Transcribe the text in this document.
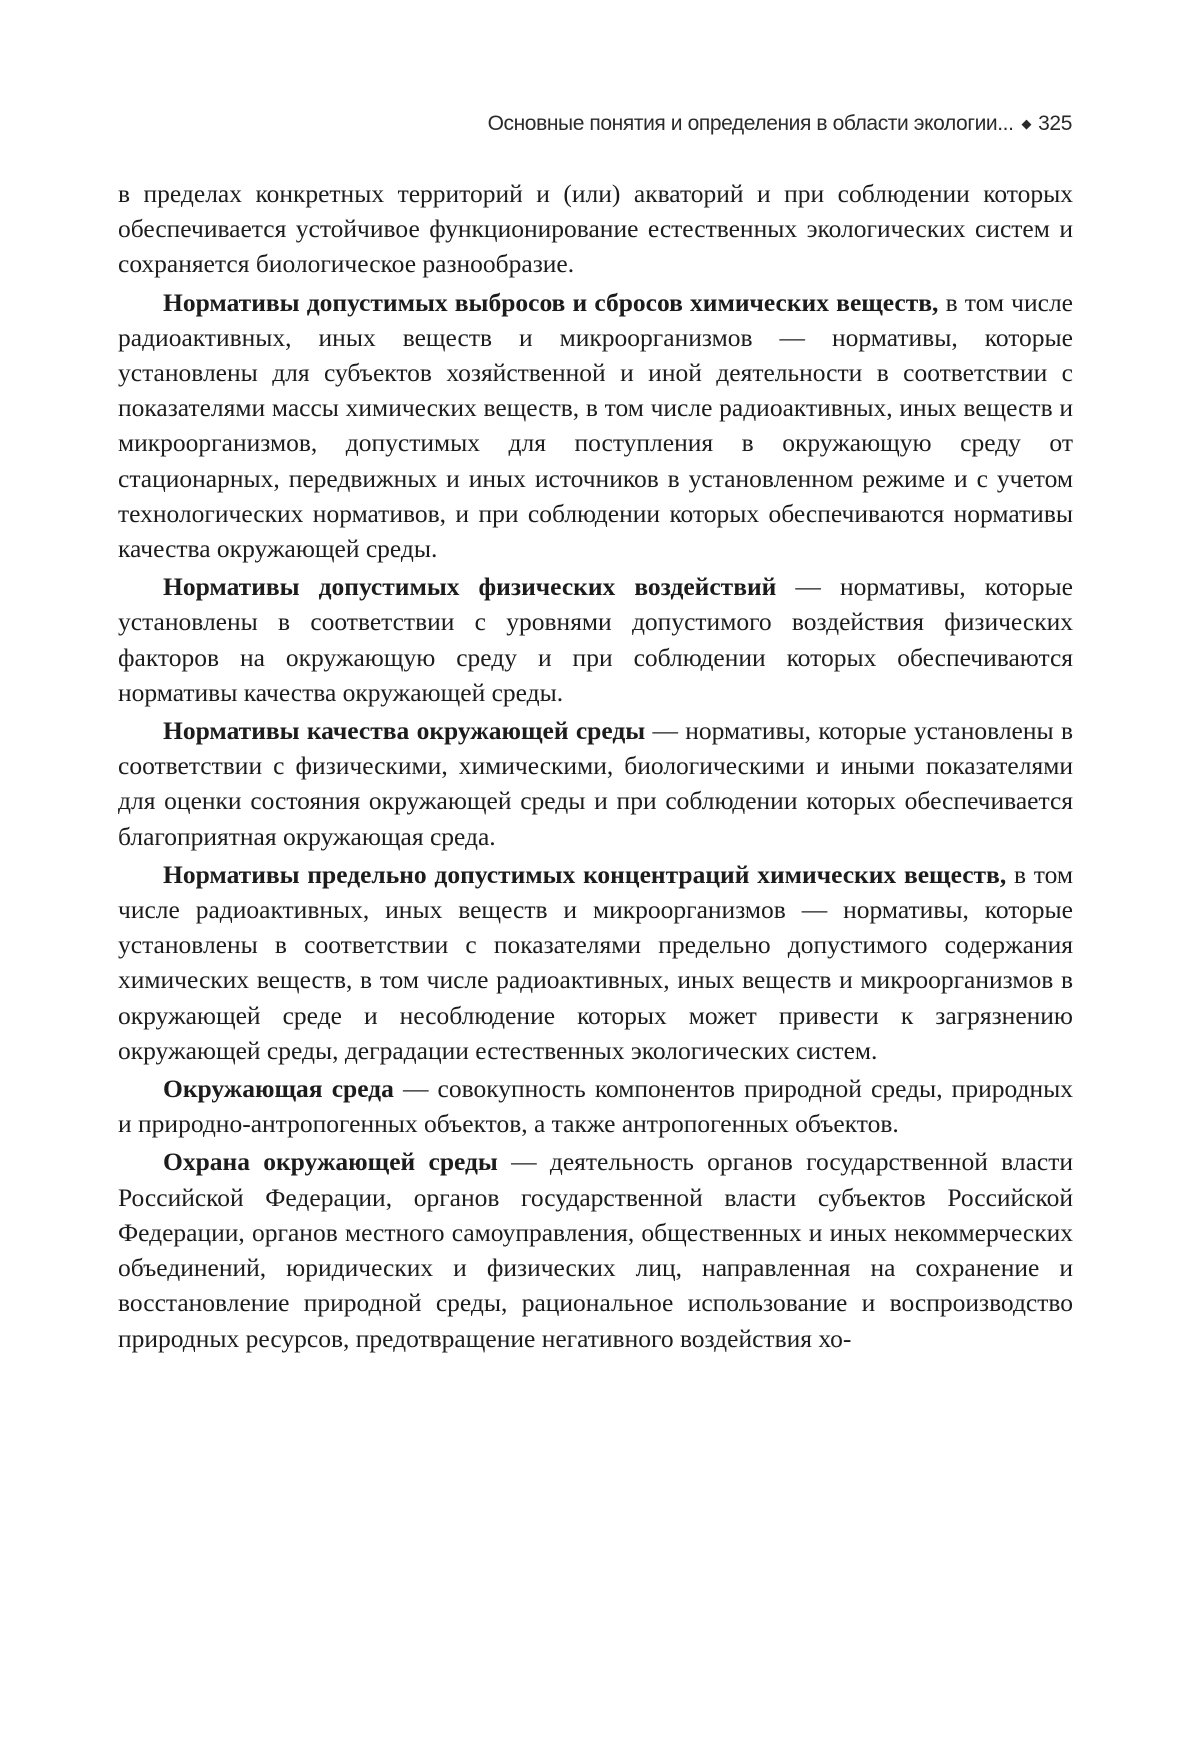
Основные понятия и определения в области экологии... ◆ 325

в пределах конкретных территорий и (или) акваторий и при соблюдении которых обеспечивается устойчивое функционирование естественных экологических систем и сохраняется биологическое разнообразие.

Нормативы допустимых выбросов и сбросов химических веществ, в том числе радиоактивных, иных веществ и микроорганизмов — нормативы, которые установлены для субъектов хозяйственной и иной деятельности в соответствии с показателями массы химических веществ, в том числе радиоактивных, иных веществ и микроорганизмов, допустимых для поступления в окружающую среду от стационарных, передвижных и иных источников в установленном режиме и с учетом технологических нормативов, и при соблюдении которых обеспечиваются нормативы качества окружающей среды.

Нормативы допустимых физических воздействий — нормативы, которые установлены в соответствии с уровнями допустимого воздействия физических факторов на окружающую среду и при соблюдении которых обеспечиваются нормативы качества окружающей среды.

Нормативы качества окружающей среды — нормативы, которые установлены в соответствии с физическими, химическими, биологическими и иными показателями для оценки состояния окружающей среды и при соблюдении которых обеспечивается благоприятная окружающая среда.

Нормативы предельно допустимых концентраций химических веществ, в том числе радиоактивных, иных веществ и микроорганизмов — нормативы, которые установлены в соответствии с показателями предельно допустимого содержания химических веществ, в том числе радиоактивных, иных веществ и микроорганизмов в окружающей среде и несоблюдение которых может привести к загрязнению окружающей среды, деградации естественных экологических систем.

Окружающая среда — совокупность компонентов природной среды, природных и природно-антропогенных объектов, а также антропогенных объектов.

Охрана окружающей среды — деятельность органов государственной власти Российской Федерации, органов государственной власти субъектов Российской Федерации, органов местного самоуправления, общественных и иных некоммерческих объединений, юридических и физических лиц, направленная на сохранение и восстановление природной среды, рациональное использование и воспроизводство природных ресурсов, предотвращение негативного воздействия хо-
